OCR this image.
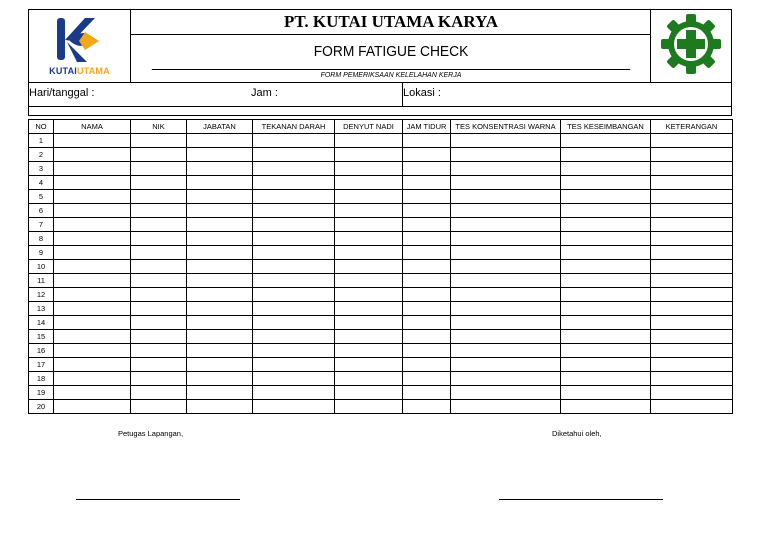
KUTAIUTAMA
PT. KUTAI UTAMA KARYA
FORM FATIGUE CHECK
FORM PEMERIKSAAN KELELAHAN KERJA
Hari/tanggal :	Jam :	Lokasi :
NO	NAMA	NIK	JABATAN	TEKANAN DARAH	DENYUT NADI	JAM TIDUR	TES KONSENTRASI WARNA	TES KESEIMBANGAN	KETERANGAN
1									
2									
3									
4									
5									
6									
7									
8									
9									
10									
11									
12									
13									
14									
15									
16									
17									
18									
19									
20									
Petugas Lapangan,	Diketahui oleh,
